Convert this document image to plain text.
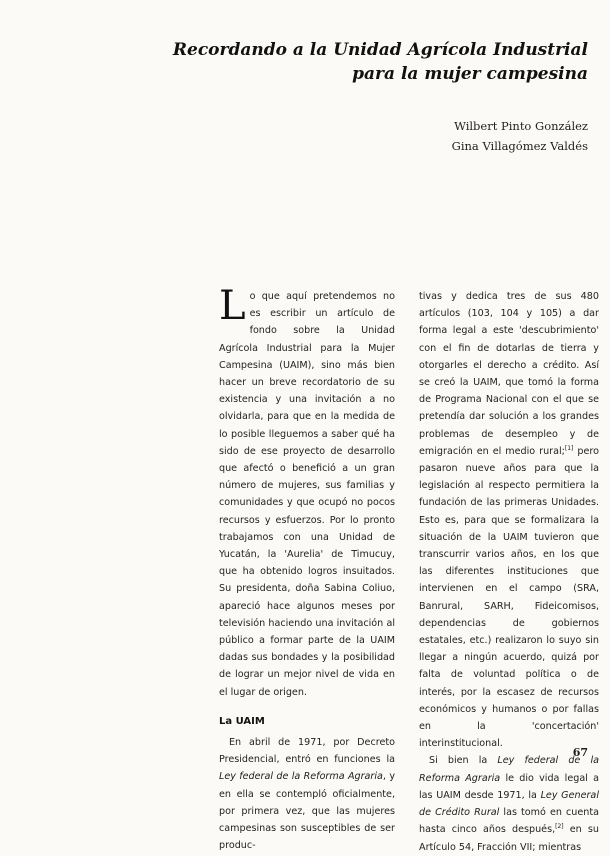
Recordando a la Unidad Agrícola Industrial
para la mujer campesina
Wilbert Pinto González
Gina Villagómez Valdés

Lo que aquí pretendemos no es escribir un artículo de fondo sobre la Unidad Agrícola Industrial para la Mujer Campesina (UAIM), sino más bien hacer un breve recordatorio de su existencia y una invitación a no olvidarla, para que en la medida de lo posible lleguemos a saber qué ha sido de ese proyecto de desarrollo que afectó o benefició a un gran número de mujeres, sus familias y comunidades y que ocupó no pocos recursos y esfuerzos. Por lo pronto trabajamos con una Unidad de Yucatán, la 'Aurelia' de Timucuy, que ha obtenido logros insuitados. Su presidenta, doña Sabina Coliuo, apareció hace algunos meses por televisión haciendo una invitación al público a formar parte de la UAIM dadas sus bondades y la posibilidad de lograr un mejor nivel de vida en el lugar de origen.

La UAIM

En abril de 1971, por Decreto Presidencial, entró en funciones la Ley federal de la Reforma Agraria, y en ella se contempló oficialmente, por primera vez, que las mujeres campesinas son susceptibles de ser produc-

tivas y dedica tres de sus 480 artículos (103, 104 y 105) a dar forma legal a este 'descubrimiento' con el fin de dotarlas de tierra y otorgarles el derecho a crédito. Así se creó la UAIM, que tomó la forma de Programa Nacional con el que se pretendía dar solución a los grandes problemas de desempleo y de emigración en el medio rural;[1] pero pasaron nueve años para que la legislación al respecto permitiera la fundación de las primeras Unidades. Esto es, para que se formalizara la situación de la UAIM tuvieron que transcurrir varios años, en los que las diferentes instituciones que intervienen en el campo (SRA, Banrural, SARH, Fideicomisos, dependencias de gobiernos estatales, etc.) realizaron lo suyo sin llegar a ningún acuerdo, quizá por falta de voluntad política o de interés, por la escasez de recursos económicos y humanos o por fallas en la 'concertación' interinstitucional.

Si bien la Ley federal de la Reforma Agraria le dio vida legal a las UAIM desde 1971, la Ley General de Crédito Rural las tomó en cuenta hasta cinco años después,[2] en su Artículo 54, Fracción VII; mientras

67
